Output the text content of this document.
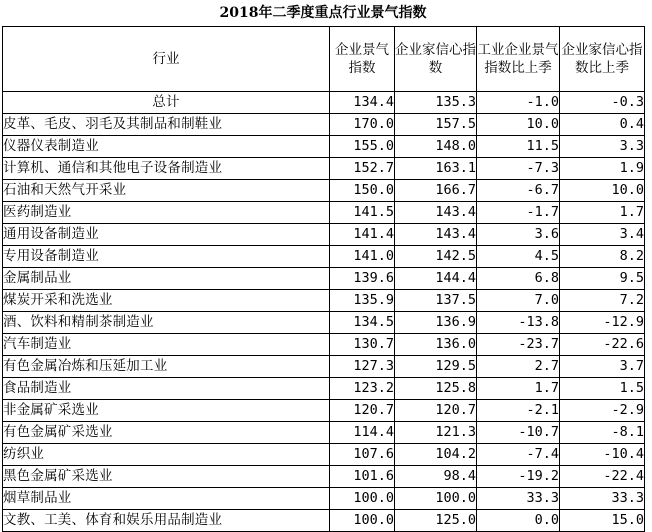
2018年二季度重点行业景气指数
行业	企业景气指数	企业家信心指数	工业企业景气指数比上季	企业家信心指数比上季
总计	134.4	135.3	-1.0	-0.3
皮革、毛皮、羽毛及其制品和制鞋业	170.0	157.5	10.0	0.4
仪器仪表制造业	155.0	148.0	11.5	3.3
计算机、通信和其他电子设备制造业	152.7	163.1	-7.3	1.9
石油和天然气开采业	150.0	166.7	-6.7	10.0
医药制造业	141.5	143.4	-1.7	1.7
通用设备制造业	141.4	143.4	3.6	3.4
专用设备制造业	141.0	142.5	4.5	8.2
金属制品业	139.6	144.4	6.8	9.5
煤炭开采和洗选业	135.9	137.5	7.0	7.2
酒、饮料和精制茶制造业	134.5	136.9	-13.8	-12.9
汽车制造业	130.7	136.0	-23.7	-22.6
有色金属冶炼和压延加工业	127.3	129.5	2.7	3.7
食品制造业	123.2	125.8	1.7	1.5
非金属矿采选业	120.7	120.7	-2.1	-2.9
有色金属矿采选业	114.4	121.3	-10.7	-8.1
纺织业	107.6	104.2	-7.4	-10.4
黑色金属矿采选业	101.6	98.4	-19.2	-22.4
烟草制品业	100.0	100.0	33.3	33.3
文教、工美、体育和娱乐用品制造业	100.0	125.0	0.0	15.0
